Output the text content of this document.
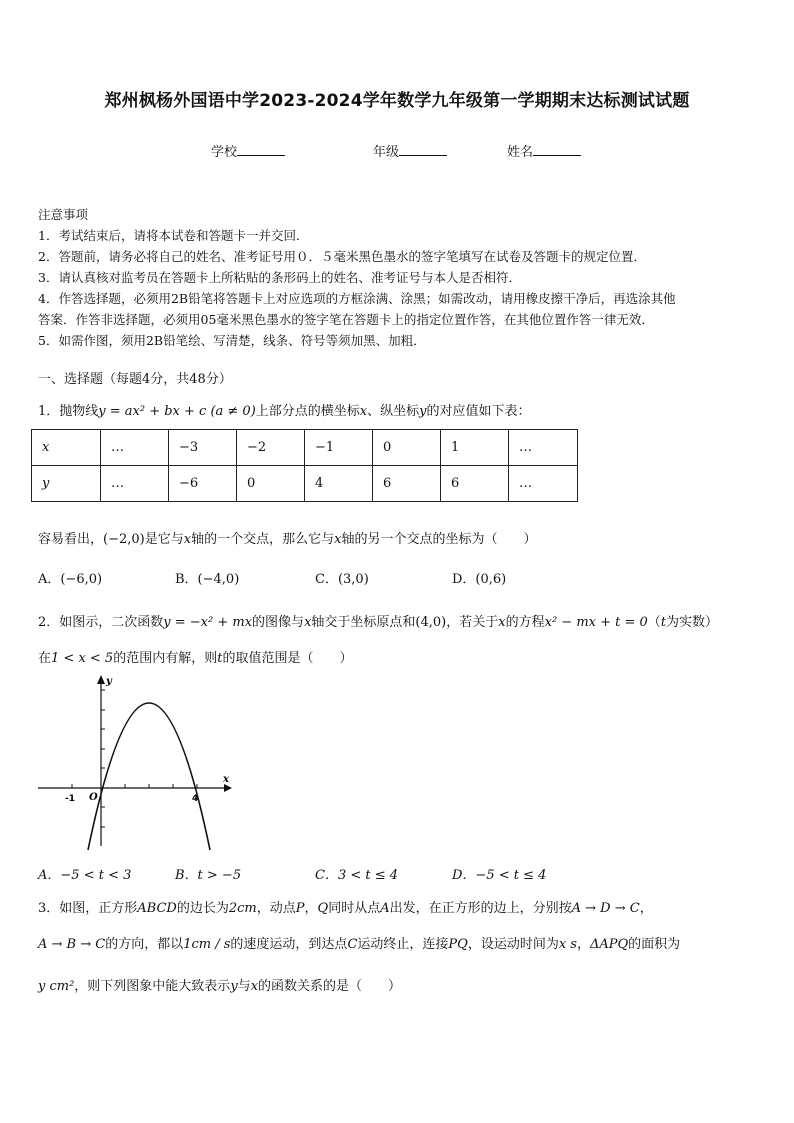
郑州枫杨外国语中学2023-2024学年数学九年级第一学期期末达标测试试题
学校	年级	姓名
注意事项
1．考试结束后，请将本试卷和答题卡一并交回．
2．答题前，请务必将自己的姓名、准考证号用０．５毫米黑色墨水的签字笔填写在试卷及答题卡的规定位置．
3．请认真核对监考员在答题卡上所粘贴的条形码上的姓名、准考证号与本人是否相符．
4．作答选择题，必须用2B铅笔将答题卡上对应选项的方框涂满、涂黑；如需改动，请用橡皮擦干净后，再选涂其他
答案．作答非选择题，必须用05毫米黑色墨水的签字笔在答题卡上的指定位置作答，在其他位置作答一律无效．
5．如需作图，须用2B铅笔绘、写清楚，线条、符号等须加黑、加粗．
一、选择题（每题4分，共48分）
1．抛物线y = ax² + bx + c (a ≠ 0)上部分点的横坐标x、纵坐标y的对应值如下表：
x	…	−3	−2	−1	0	1	…
y	…	−6	0	4	6	6	…
容易看出，(−2,0)是它与x轴的一个交点，那么它与x轴的另一个交点的坐标为（　　）
A．(−6,0)	B．(−4,0)	C．(3,0)	D．(0,6)
2．如图示，二次函数y = −x² + mx的图像与x轴交于坐标原点和(4,0)，若关于x的方程x² − mx + t = 0（t为实数）
在1 < x < 5的范围内有解，则t的取值范围是（　　）
y
x
O
-1	4
A．−5 < t < 3	B．t > −5	C．3 < t ≤ 4	D．−5 < t ≤ 4
3．如图，正方形ABCD的边长为2cm，动点P，Q同时从点A出发，在正方形的边上，分别按A → D → C，
A → B → C的方向，都以1cm / s的速度运动，到达点C运动终止，连接PQ，设运动时间为x s，ΔAPQ的面积为
y cm²，则下列图象中能大致表示y与x的函数关系的是（　　）
